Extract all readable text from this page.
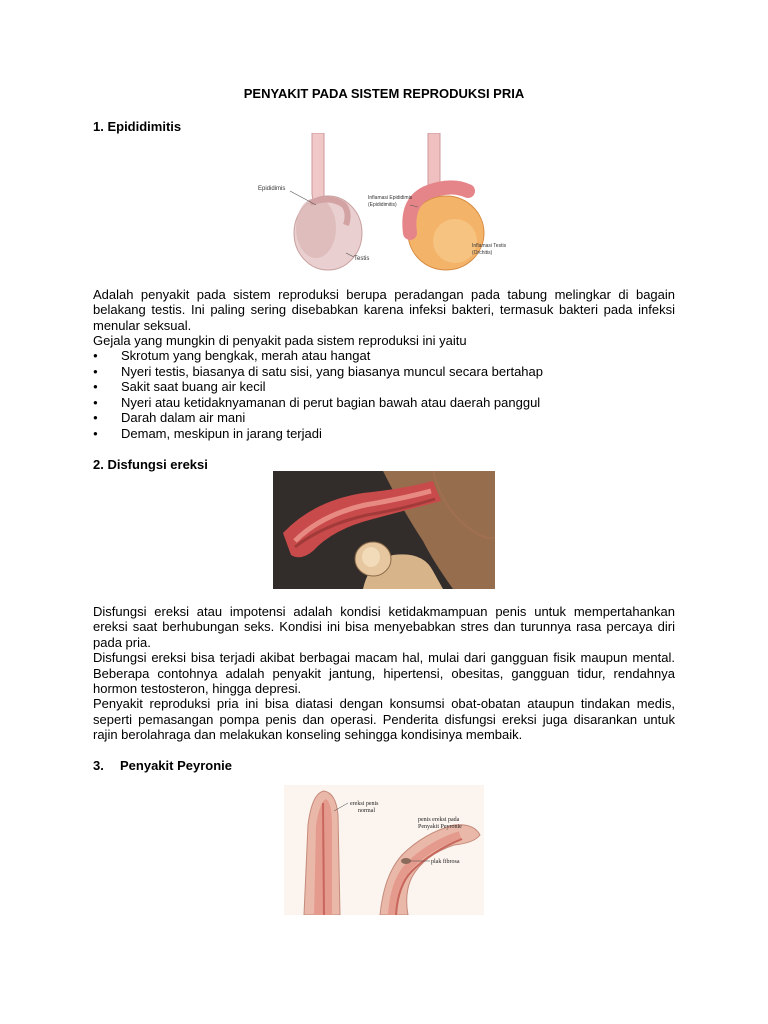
PENYAKIT PADA SISTEM REPRODUKSI PRIA
1. Epididimitis
Epididimis
Testis
Inflamasi Epididimis
(Epididimitis)
Inflamasi Testis
(Orchitis)

Adalah penyakit pada sistem reproduksi berupa peradangan pada tabung melingkar di bagain belakang testis. Ini paling sering disebabkan karena infeksi bakteri, termasuk bakteri pada infeksi menular seksual.

Gejala yang mungkin di penyakit pada sistem reproduksi ini yaitu

● Skrotum yang bengkak, merah atau hangat
● Nyeri testis, biasanya di satu sisi, yang biasanya muncul secara bertahap
● Sakit saat buang air kecil
● Nyeri atau ketidaknyamanan di perut bagian bawah atau daerah panggul
● Darah dalam air mani
● Demam, meskipun in jarang terjadi
2. Disfungsi ereksi

Disfungsi ereksi atau impotensi adalah kondisi ketidakmampuan penis untuk mempertahankan ereksi saat berhubungan seks. Kondisi ini bisa menyebabkan stres dan turunnya rasa percaya diri pada pria.

Disfungsi ereksi bisa terjadi akibat berbagai macam hal, mulai dari gangguan fisik maupun mental. Beberapa contohnya adalah penyakit jantung, hipertensi, obesitas, gangguan tidur, rendahnya hormon testosteron, hingga depresi.

Penyakit reproduksi pria ini bisa diatasi dengan konsumsi obat-obatan ataupun tindakan medis, seperti pemasangan pompa penis dan operasi. Penderita disfungsi ereksi juga disarankan untuk rajin berolahraga dan melakukan konseling sehingga kondisinya membaik.

3. Penyakit Peyronie
ereksi penis
normal
penis ereksi pada
Penyakit Peyronie
plak fibrosa
